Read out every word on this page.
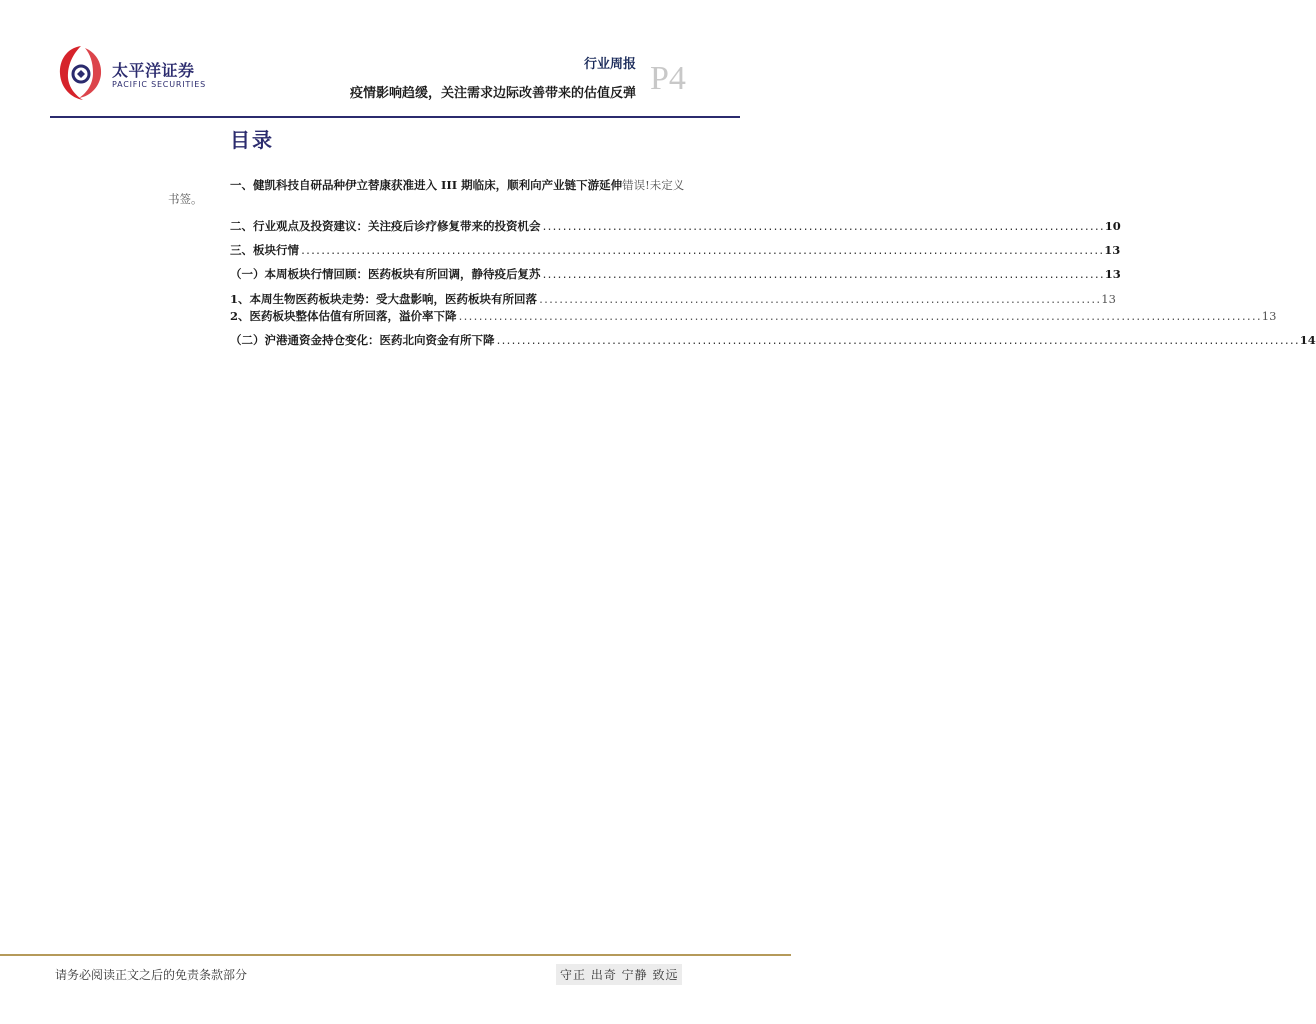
太平洋证券
PACIFIC SECURITIES
行业周报
疫情影响趋缓，关注需求边际改善带来的估值反弹 P4
目录
一、健凯科技自研品种伊立替康获准进入 III 期临床，顺利向产业链下游延伸错误!未定义
书签。
二、行业观点及投资建议：关注疫后诊疗修复带来的投资机会 ................................................................................................................ 10
三、板块行情 ................................................................................................................................................................ 13
（一）本周板块行情回顾：医药板块有所回调，静待疫后复苏 ................................................................................................................ 13
1、本周生物医药板块走势：受大盘影响，医药板块有所回落 ................................................................................................................ 13
2、医药板块整体估值有所回落，溢价率下降 ................................................................................................................................................................ 13
（二）沪港通资金持仓变化：医药北向资金有所下降 ................................................................................................................................................................ 14
请务必阅读正文之后的免责条款部分	守正 出奇 宁静 致远
